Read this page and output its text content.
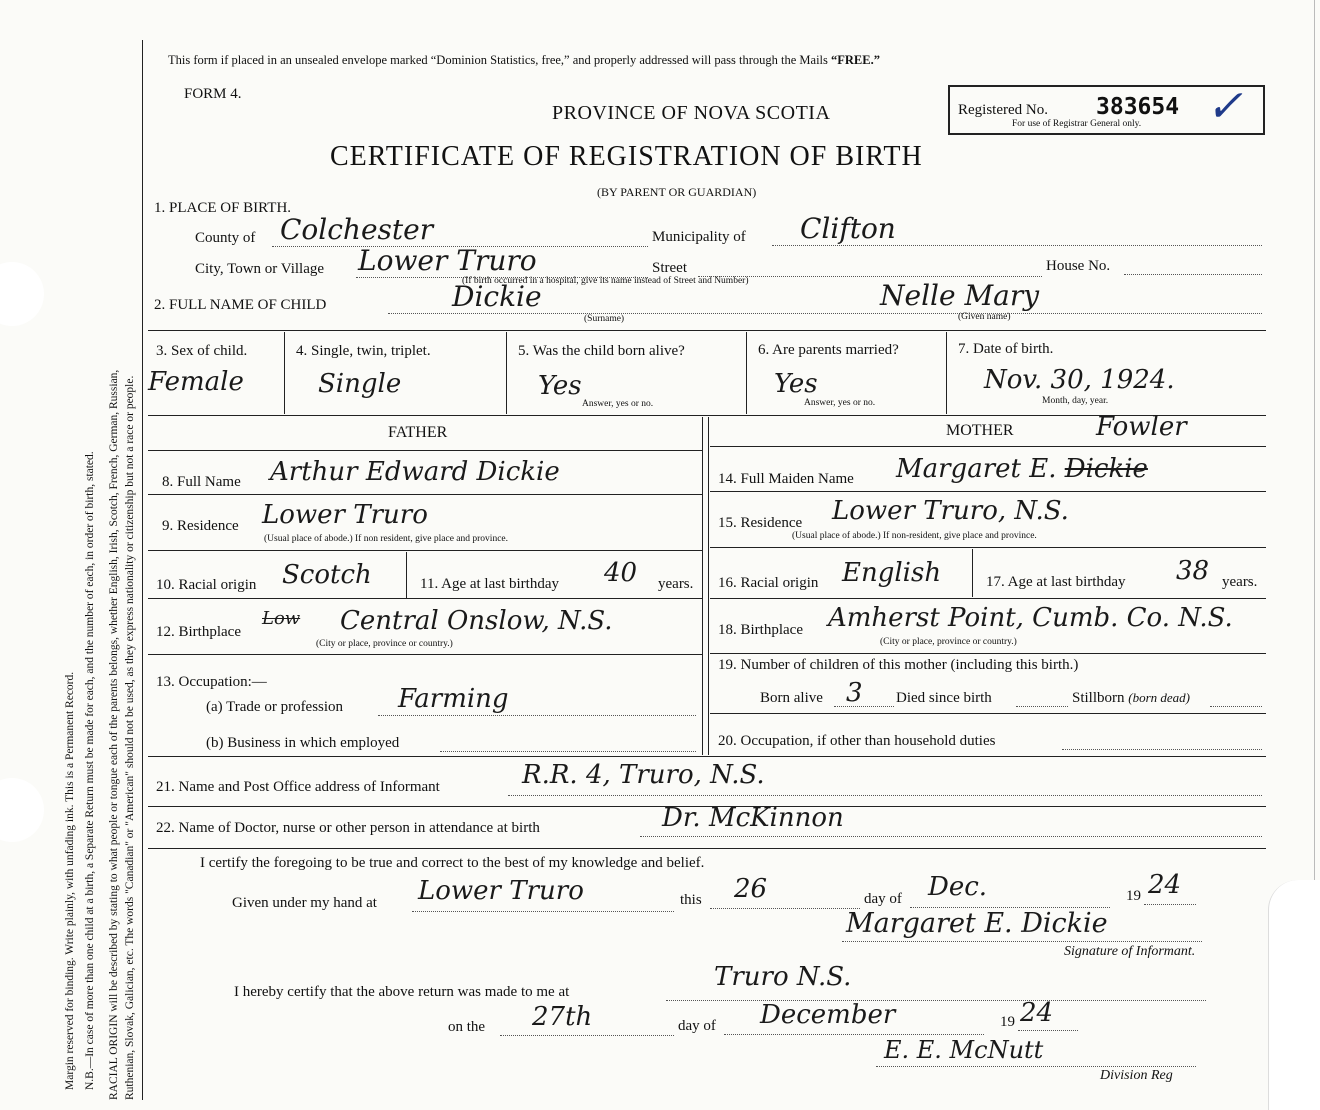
Margin reserved for binding. Write plainly, with unfading ink. This is a Permanent Record. N.B.—In case of more than one child at a birth, a Separate Return must be made for each, and the number of each, in order of birth, stated. RACIAL ORIGIN will be described by stating to what people or tongue each of the parents belongs, whether English, Irish, Scotch, French, German, Russian, Ruthenian, Slovak, Galician, etc. The words "Canadian" or "American" should not be used, as they express nationality or citizenship but not a race or people.
This form if placed in an unsealed envelope marked “Dominion Statistics, free,” and properly addressed will pass through the Mails “FREE.”
FORM 4.
PROVINCE OF NOVA SCOTIA
CERTIFICATE OF REGISTRATION OF BIRTH
(BY PARENT OR GUARDIAN)
Registered No. 383654
For use of Registrar General only. ✓
1. PLACE OF BIRTH.
County of Colchester	Municipality of Clifton
City, Town or Village Lower Truro	Street	House No.
(If birth occurred in a hospital, give its name instead of Street and Number)
2. FULL NAME OF CHILD	Dickie
(Surname)
Nelle Mary
(Given name)
3. Sex of child.
Female
4. Single, twin, triplet.
Single
5. Was the child born alive?
Yes
Answer, yes or no.
6. Are parents married?
Yes
Answer, yes or no.
7. Date of birth.
Nov. 30, 1924.
Month, day, year.
FATHER
8. Full Name Arthur Edward Dickie
9. Residence Lower Truro
(Usual place of abode.) If non resident, give place and province.
10. Racial origin Scotch	11. Age at last birthday 40 years.
12. Birthplace
Low Central Onslow, N.S.
(City or place, province or country.)
13. Occupation:—
(a) Trade or profession Farming
(b) Business in which employed
MOTHER	Fowler
14. Full Maiden Name Margaret E. Dickie
15. Residence Lower Truro, N.S.
(Usual place of abode.) If non-resident, give place and province.
16. Racial origin English	17. Age at last birthday 38 years.
18. Birthplace Amherst Point, Cumb. Co. N.S.
(City or place, province or country.)
19. Number of children of this mother (including this birth.)
Born alive 3 Died since birth	Stillborn (born dead)
20. Occupation, if other than household duties
21. Name and Post Office address of Informant	R.R. 4, Truro, N.S.
22. Name of Doctor, nurse or other person in attendance at birth	Dr. McKinnon
I certify the foregoing to be true and correct to the best of my knowledge and belief.
Given under my hand at Lower Truro	this 26	day of Dec.	19 24
Margaret E. Dickie
Signature of Informant.
I hereby certify that the above return was made to me at	Truro N.S.
on the 27th	day of December	19 24
E. E. McNutt
Division Reg
